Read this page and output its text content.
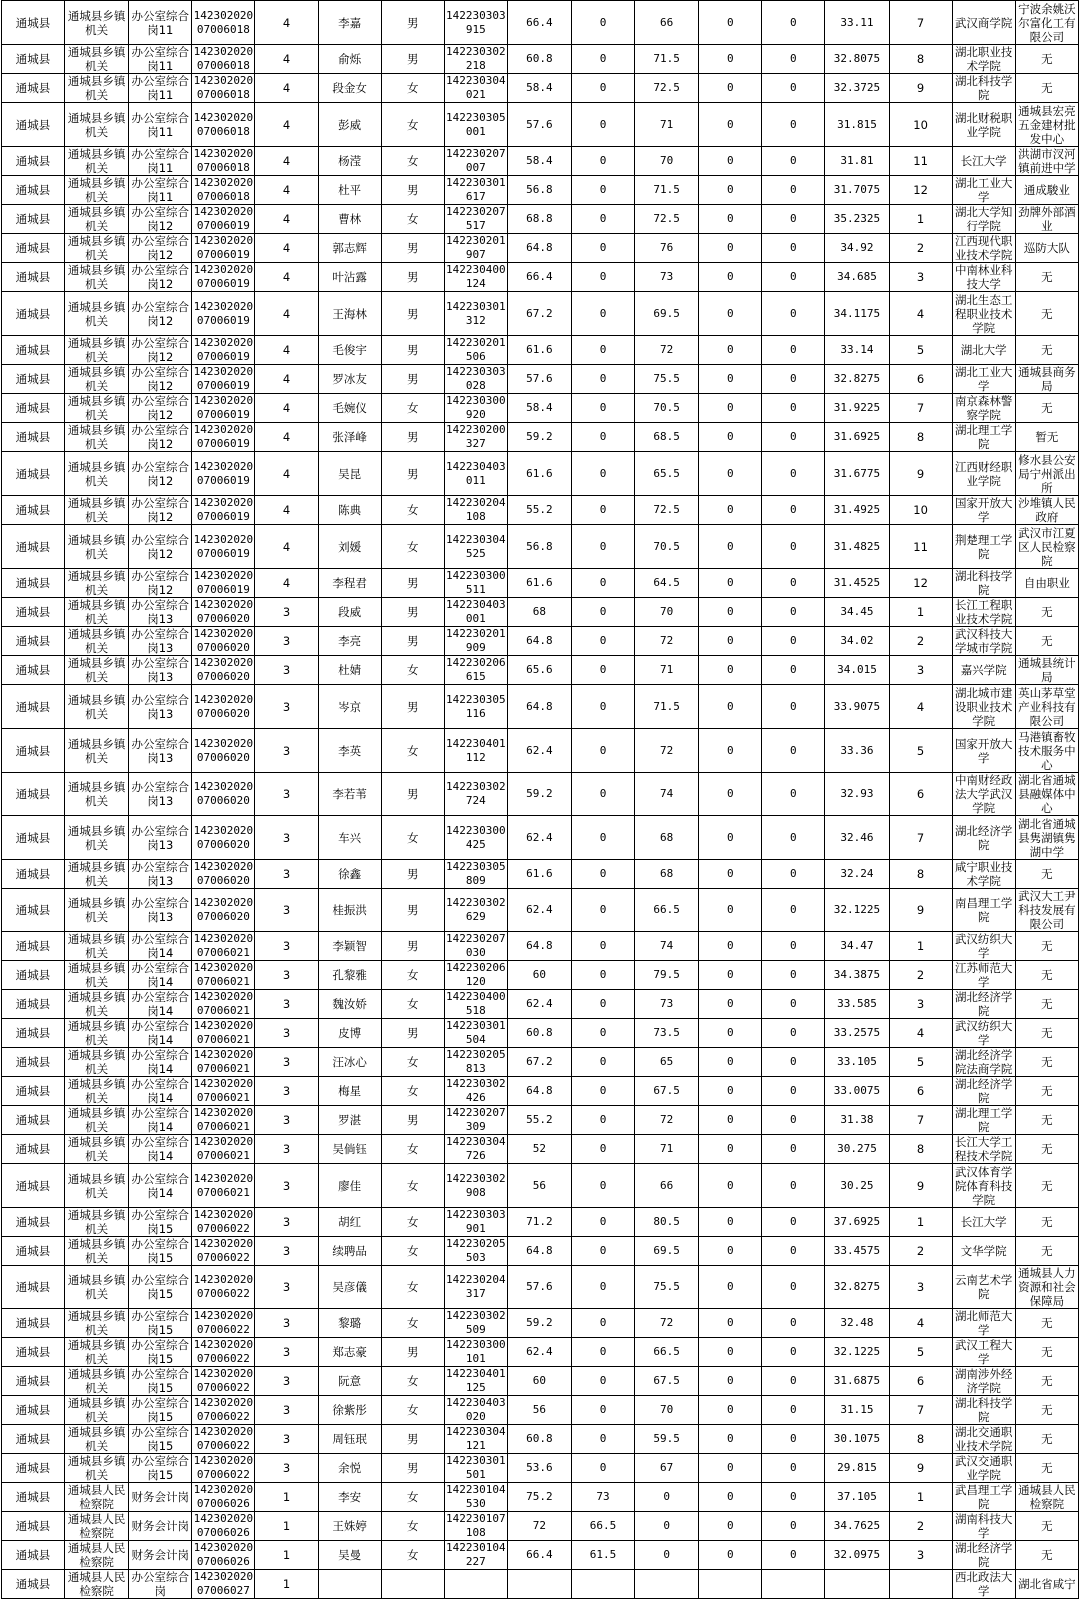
通城县	通城县乡镇机关	办公室综合岗11	14230202007006018	4	李嘉	男	142230303915	66.4	0	66	0	0	33.11	7	武汉商学院	宁波余姚沃尔富化工有限公司
通城县	通城县乡镇机关	办公室综合岗11	14230202007006018	4	俞烁	男	142230302218	60.8	0	71.5	0	0	32.8075	8	湖北职业技术学院	无
通城县	通城县乡镇机关	办公室综合岗11	14230202007006018	4	段金女	女	142230304021	58.4	0	72.5	0	0	32.3725	9	湖北科技学院	无
通城县	通城县乡镇机关	办公室综合岗11	14230202007006018	4	彭威	女	142230305001	57.6	0	71	0	0	31.815	10	湖北财税职业学院	通城县宏亮五金建材批发中心
通城县	通城县乡镇机关	办公室综合岗11	14230202007006018	4	杨滢	女	142230207007	58.4	0	70	0	0	31.81	11	长江大学	洪湖市汊河镇前进中学
通城县	通城县乡镇机关	办公室综合岗11	14230202007006018	4	杜平	男	142230301617	56.8	0	71.5	0	0	31.7075	12	湖北工业大学	通成駿业
通城县	通城县乡镇机关	办公室综合岗12	14230202007006019	4	曹林	女	142230207517	68.8	0	72.5	0	0	35.2325	1	湖北大学知行学院	劲牌外部酒业
通城县	通城县乡镇机关	办公室综合岗12	14230202007006019	4	郭志辉	男	142230201907	64.8	0	76	0	0	34.92	2	江西现代职业技术学院	巡防大队
通城县	通城县乡镇机关	办公室综合岗12	14230202007006019	4	叶沾露	男	142230400124	66.4	0	73	0	0	34.685	3	中南林业科技大学	无
通城县	通城县乡镇机关	办公室综合岗12	14230202007006019	4	王海林	男	142230301312	67.2	0	69.5	0	0	34.1175	4	湖北生态工程职业技术学院	无
通城县	通城县乡镇机关	办公室综合岗12	14230202007006019	4	毛俊宇	男	142230201506	61.6	0	72	0	0	33.14	5	湖北大学	无
通城县	通城县乡镇机关	办公室综合岗12	14230202007006019	4	罗冰友	男	142230303028	57.6	0	75.5	0	0	32.8275	6	湖北工业大学	通城县商务局
通城县	通城县乡镇机关	办公室综合岗12	14230202007006019	4	毛婉仪	女	142230300920	58.4	0	70.5	0	0	31.9225	7	南京森林警察学院	无
通城县	通城县乡镇机关	办公室综合岗12	14230202007006019	4	张泽峰	男	142230200327	59.2	0	68.5	0	0	31.6925	8	湖北理工学院	暂无
通城县	通城县乡镇机关	办公室综合岗12	14230202007006019	4	吴昆	男	142230403011	61.6	0	65.5	0	0	31.6775	9	江西财经职业学院	修水县公安局宁州派出所
通城县	通城县乡镇机关	办公室综合岗12	14230202007006019	4	陈典	女	142230204108	55.2	0	72.5	0	0	31.4925	10	国家开放大学	沙堆镇人民政府
通城县	通城县乡镇机关	办公室综合岗12	14230202007006019	4	刘媛	女	142230304525	56.8	0	70.5	0	0	31.4825	11	荆楚理工学院	武汉市江夏区人民检察院
通城县	通城县乡镇机关	办公室综合岗12	14230202007006019	4	李程君	男	142230300511	61.6	0	64.5	0	0	31.4525	12	湖北科技学院	自由职业
通城县	通城县乡镇机关	办公室综合岗13	14230202007006020	3	段威	男	142230403001	68	0	70	0	0	34.45	1	长江工程职业技术学院	无
通城县	通城县乡镇机关	办公室综合岗13	14230202007006020	3	李亮	男	142230201909	64.8	0	72	0	0	34.02	2	武汉科技大学城市学院	无
通城县	通城县乡镇机关	办公室综合岗13	14230202007006020	3	杜婧	女	142230206615	65.6	0	71	0	0	34.015	3	嘉兴学院	通城县统计局
通城县	通城县乡镇机关	办公室综合岗13	14230202007006020	3	岑京	男	142230305116	64.8	0	71.5	0	0	33.9075	4	湖北城市建设职业技术学院	英山茅草堂产业科技有限公司
通城县	通城县乡镇机关	办公室综合岗13	14230202007006020	3	李英	女	142230401112	62.4	0	72	0	0	33.36	5	国家开放大学	马港镇畜牧技术服务中心
通城县	通城县乡镇机关	办公室综合岗13	14230202007006020	3	李若苇	男	142230302724	59.2	0	74	0	0	32.93	6	中南财经政法大学武汉学院	湖北省通城县融媒体中心
通城县	通城县乡镇机关	办公室综合岗13	14230202007006020	3	车兴	女	142230300425	62.4	0	68	0	0	32.46	7	湖北经济学院	湖北省通城县隽湖镇隽湖中学
通城县	通城县乡镇机关	办公室综合岗13	14230202007006020	3	徐鑫	男	142230305809	61.6	0	68	0	0	32.24	8	咸宁职业技术学院	无
通城县	通城县乡镇机关	办公室综合岗13	14230202007006020	3	桂振洪	男	142230302629	62.4	0	66.5	0	0	32.1225	9	南昌理工学院	武汉大工尹科技发展有限公司
通城县	通城县乡镇机关	办公室综合岗14	14230202007006021	3	李颖智	男	142230207030	64.8	0	74	0	0	34.47	1	武汉纺织大学	无
通城县	通城县乡镇机关	办公室综合岗14	14230202007006021	3	孔黎雅	女	142230206120	60	0	79.5	0	0	34.3875	2	江苏师范大学	无
通城县	通城县乡镇机关	办公室综合岗14	14230202007006021	3	魏汝娇	女	142230400518	62.4	0	73	0	0	33.585	3	湖北经济学院	无
通城县	通城县乡镇机关	办公室综合岗14	14230202007006021	3	皮博	男	142230301504	60.8	0	73.5	0	0	33.2575	4	武汉纺织大学	无
通城县	通城县乡镇机关	办公室综合岗14	14230202007006021	3	汪冰心	女	142230205813	67.2	0	65	0	0	33.105	5	湖北经济学院法商学院	无
通城县	通城县乡镇机关	办公室综合岗14	14230202007006021	3	梅星	女	142230302426	64.8	0	67.5	0	0	33.0075	6	湖北经济学院	无
通城县	通城县乡镇机关	办公室综合岗14	14230202007006021	3	罗湛	男	142230207309	55.2	0	72	0	0	31.38	7	湖北理工学院	无
通城县	通城县乡镇机关	办公室综合岗14	14230202007006021	3	吴倘钰	女	142230304726	52	0	71	0	0	30.275	8	长江大学工程技术学院	无
通城县	通城县乡镇机关	办公室综合岗14	14230202007006021	3	廖佳	女	142230302908	56	0	66	0	0	30.25	9	武汉体育学院体育科技学院	无
通城县	通城县乡镇机关	办公室综合岗15	14230202007006022	3	胡红	女	142230303901	71.2	0	80.5	0	0	37.6925	1	长江大学	无
通城县	通城县乡镇机关	办公室综合岗15	14230202007006022	3	续聘品	女	142230205503	64.8	0	69.5	0	0	33.4575	2	文华学院	无
通城县	通城县乡镇机关	办公室综合岗15	14230202007006022	3	吴彦儀	女	142230204317	57.6	0	75.5	0	0	32.8275	3	云南艺术学院	通城县人力资源和社会保障局
通城县	通城县乡镇机关	办公室综合岗15	14230202007006022	3	黎璐	女	142230302509	59.2	0	72	0	0	32.48	4	湖北师范大学	无
通城县	通城县乡镇机关	办公室综合岗15	14230202007006022	3	郑志豪	男	142230300101	62.4	0	66.5	0	0	32.1225	5	武汉工程大学	无
通城县	通城县乡镇机关	办公室综合岗15	14230202007006022	3	阮意	女	142230401125	60	0	67.5	0	0	31.6875	6	湖南涉外经济学院	无
通城县	通城县乡镇机关	办公室综合岗15	14230202007006022	3	徐紫彤	女	142230403020	56	0	70	0	0	31.15	7	湖北科技学院	无
通城县	通城县乡镇机关	办公室综合岗15	14230202007006022	3	周钰珉	男	142230304121	60.8	0	59.5	0	0	30.1075	8	湖北交通职业技术学院	无
通城县	通城县乡镇机关	办公室综合岗15	14230202007006022	3	余悦	男	142230301501	53.6	0	67	0	0	29.815	9	武汉交通职业学院	无
通城县	通城县人民检察院	财务会计岗	14230202007006026	1	李安	女	142230104530	75.2	73	0	0	0	37.105	1	武昌理工学院	通城县人民检察院
通城县	通城县人民检察院	财务会计岗	14230202007006026	1	王姝婷	女	142230107108	72	66.5	0	0	0	34.7625	2	湖南科技大学	无
通城县	通城县人民检察院	财务会计岗	14230202007006026	1	吴曼	女	142230104227	66.4	61.5	0	0	0	32.0975	3	湖北经济学院	无
通城县	通城县人民检察院	办公室综合岗	14230202007006027	1											西北政法大学	湖北省咸宁
